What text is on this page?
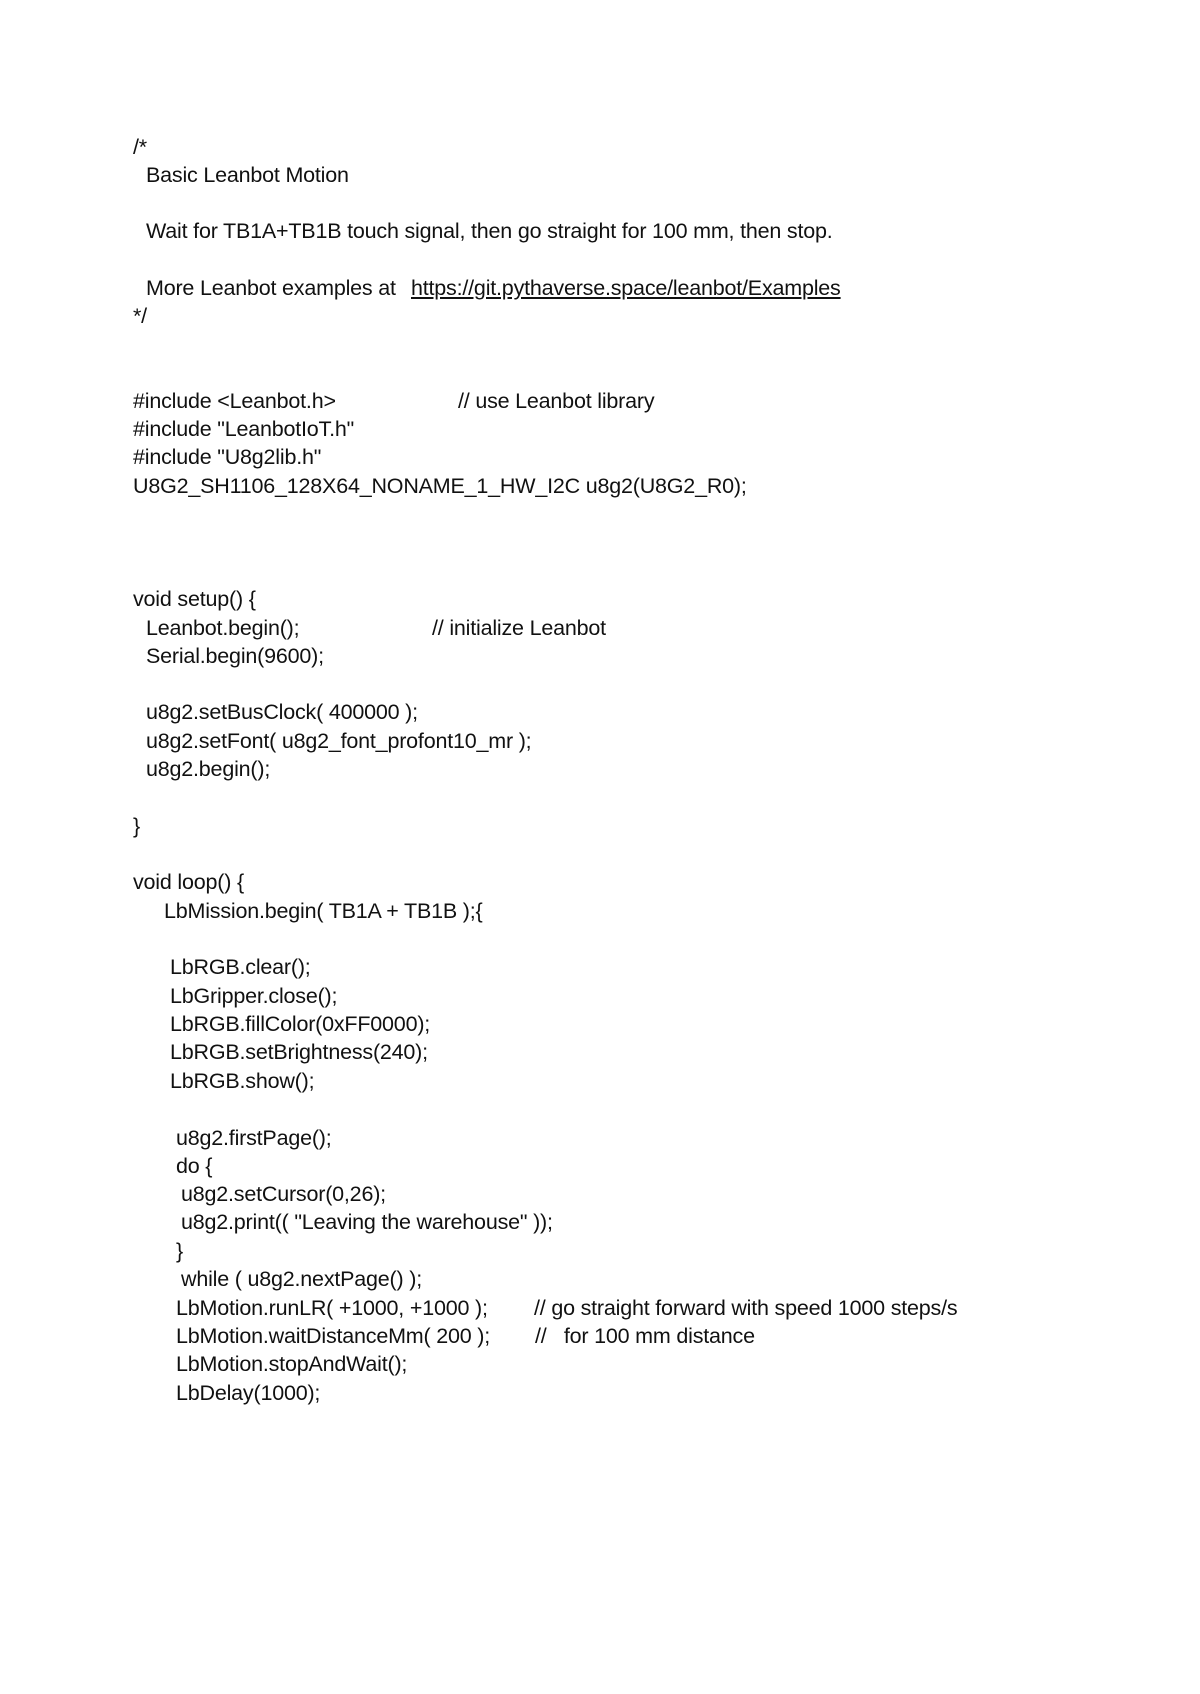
/*
Basic Leanbot Motion
Wait for TB1A+TB1B touch signal, then go straight for 100 mm, then stop.
More Leanbot examples at https://git.pythaverse.space/leanbot/Examples
*/
#include <Leanbot.h>	// use Leanbot library
#include "LeanbotIoT.h"
#include "U8g2lib.h"
U8G2_SH1106_128X64_NONAME_1_HW_I2C u8g2(U8G2_R0);
void setup() {
Leanbot.begin();	// initialize Leanbot
Serial.begin(9600);
u8g2.setBusClock( 400000 );
u8g2.setFont( u8g2_font_profont10_mr );
u8g2.begin();
}
void loop() {
LbMission.begin( TB1A + TB1B );{
LbRGB.clear();
LbGripper.close();
LbRGB.fillColor(0xFF0000);
LbRGB.setBrightness(240);
LbRGB.show();
u8g2.firstPage();
do {
u8g2.setCursor(0,26);
u8g2.print(( "Leaving the warehouse" ));
}
while ( u8g2.nextPage() );
LbMotion.runLR( +1000, +1000 ); // go straight forward with speed 1000 steps/s
LbMotion.waitDistanceMm( 200 ); //   for 100 mm distance
LbMotion.stopAndWait();
LbDelay(1000);
